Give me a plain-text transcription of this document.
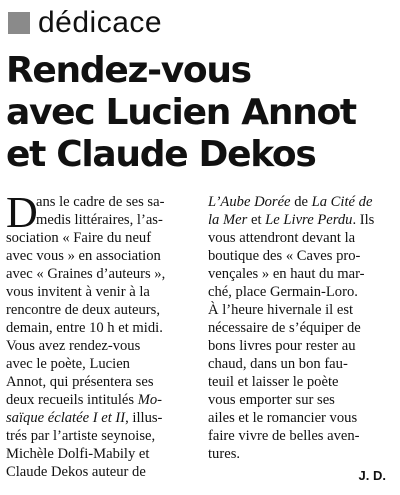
dédicace
Rendez-vous
avec Lucien Annot
et Claude Dekos
D
ans le cadre de ses sa-
medis littéraires, l’as-
sociation « Faire du neuf
avec vous » en association
avec « Graines d’auteurs »,
vous invitent à venir à la
rencontre de deux auteurs,
demain, entre 10 h et midi.
Vous avez rendez-vous
avec le poète, Lucien
Annot, qui présentera ses
deux recueils intitulés Mo-
saïque éclatée I et II, illus-
trés par l’artiste seynoise,
Michèle Dolfi-Mabily et
Claude Dekos auteur de
L’Aube Dorée de La Cité de
la Mer et Le Livre Perdu. Ils
vous attendront devant la
boutique des « Caves pro-
vençales » en haut du mar-
ché, place Germain-Loro.
À l’heure hivernale il est
nécessaire de s’équiper de
bons livres pour rester au
chaud, dans un bon fau-
teuil et laisser le poète
vous emporter sur ses
ailes et le romancier vous
faire vivre de belles aven-
tures.
J. D.
